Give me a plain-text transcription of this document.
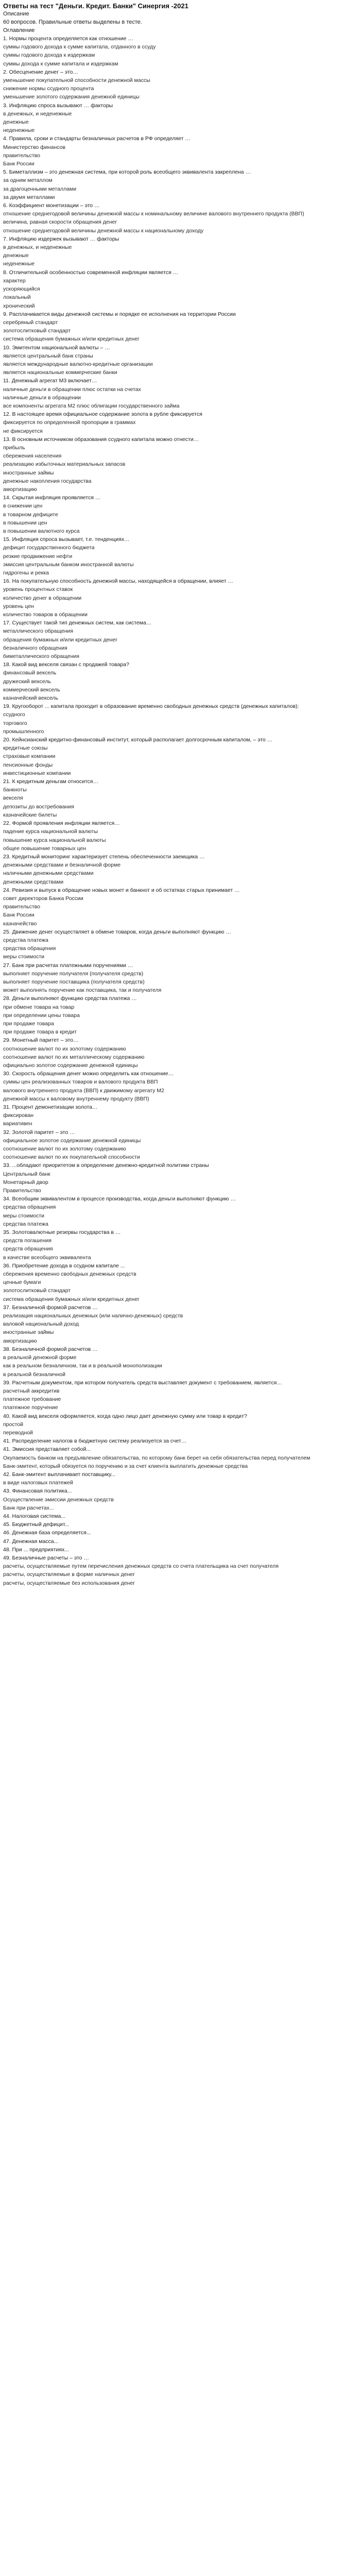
Ответы на тест "Деньги. Кредит. Банки" Синергия -2021
Описание
60 вопросов. Правильные ответы выделены в тесте.
Оглавление
1. Нормы процента определяется как отношение …
суммы годового дохода к сумме капитала, отданного в ссуду
суммы годового дохода к издержкам
суммы дохода к сумме капитала и издержкам
2. Обесценение денег – это…
уменьшение покупательной способности денежной массы
снижение нормы ссудного процента
уменьшение золотого содержания денежной единицы
3. Инфляцию спроса вызывают … факторы
в денежных, и неденежные
денежные
неденежные
4. Правила, сроки и стандарты безналичных расчетов в РФ определяет …
Министерство финансов
правительство
Банк России
5. Биметаллизм – это денежная система, при которой роль всеобщего эквивалента закреплена …
за одним металлом
за драгоценными металлами
за двумя металлами
6. Коэффициент монетизации – это …
отношение среднегодовой величины денежной массы к номинальному величине валового внутреннего продукта (ВВП)
величина, равная скорости обращения денег
отношение среднегодовой величины денежной массы к национальному доходу
7. Инфляцию издержек вызывают … факторы
в денежных, и неденежные
денежные
неденежные
8. Отличительной особенностью современной инфляции является …
характер
ускоряющийся
локальный
хронический
9. Расплачивается виды денежной системы и порядке ее исполнения на территории России
серебряный стандарт
золотослитковый стандарт
система обращения бумажных и/или кредитных денег
10. Эмитентом национальной валюты – …
является центральный банк страны
является международные валютно-кредитные организации
является национальные коммерческие банки
11. Денежный агрегат М3 включает…
наличные деньги в обращении плюс остатки на счетах
наличные деньги в обращении
все компоненты агрегата М2 плюс облигации государственного займа
12. В настоящее время официальное содержание золота в рубле фиксируется
фиксируется по определенной пропорции в граммах
не фиксируется
13. В основным источником образования ссудного капитала можно отнести…
прибыль
сбережения населения
реализацию избыточных материальных запасов
иностранные займы
денежные накопления государства
амортизацию
14. Скрытая инфляция проявляется …
в снижении цен
в товарном дефиците
в повышении цен
в повышении валютного курса
15. Инфляция спроса вызывает, т.е. тенденциях…
дефицит государственного бюджета
резкие продвижение нефти
эмиссия центральным банком иностранной валюты
гидрогены и рекка
16. На покупательную способность денежной массы, находящейся в обращении, влияет …
уровень процентных ставок
количество денег в обращении
уровень цен
количество товаров в обращении
17. Существует такой тип денежных систем, как система…
металлического обращения
обращения бумажных и/или кредитных денег
безналичного обращения
биметаллического обращения
18. Какой вид векселя связан с продажей товара?
финансовый вексель
дружеский вексель
коммерческий вексель
казначейский вексель
19. Кругооборот ... капитала проходит в образование временно свободных денежных средств (денежных капиталов):
ссудного
торгового
промышленного
20. Кейнсианский кредитно-финансовый институт, который располагает долгосрочным капиталом, – это …
кредитные союзы
страховые компании
пенсионные фонды
инвестиционные компании
21. К кредитным деньгам относится…
банкноты
векселя
депозиты до востребования
казначейские билеты
22. Формой проявления инфляции является…
падение курса национальной валюты
повышение курса национальной валюты
общее повышение товарных цен
23. Кредитный мониторинг характеризует степень обеспеченности заемщика …
денежными средствами и безналичной форме
наличными денежными средствами
денежными средствами
24. Ревизия и выпуск в обращение новых монет и банкнот и об остатках старых принимает …
совет директоров Банка России
правительство
Банк России
казначейство
25. Движение денег осуществляет в обмене товаров, когда деньги выполняют функцию …
средства платежа
средства обращения
меры стоимости
27. Банк при расчетах платежными поручениями …
выполняет поручение получателя (получателя средств)
выполняет поручение поставщика (получателя средств)
может выполнять поручение как поставщика, так и получателя
28. Деньги выполняют функцию средства платежа …
при обмене товара на товар
при определении цены товара
при продаже товара
при продаже товара в кредит
29. Монетный паритет – это…
соотношение валют по их золотому содержанию
соотношение валют по их металлическому содержанию
официально золотое содержание денежной единицы
30. Скорость обращения денег можно определить как отношение…
суммы цен реализованных товаров и валового продукта ВВП
валового внутреннего продукта (ВВП) к движимому агрегату М2
денежной массы к валовому внутреннему продукту (ВВП)
31. Процент демонетизации золота…
фиксирован
вариативен
32. Золотой паритет – это …
официальное золотое содержание денежной единицы
соотношение валют по их золотому содержанию
соотношение валют по их покупательной способности
33. ...обладают приоритетом в определение денежно-кредитной политики страны
Центральный банк
Монетарный двор
Правительство
34. Всеобщим эквивалентом в процессе производства, когда деньги выполняют функцию …
средства обращения
меры стоимости
средства платежа
35. Золотовалютные резервы государства в …
средств погашения
средств обращения
в качестве всеобщего эквивалента
36. Приобретение дохода в ссудном капитале ...
сбережения временно свободных денежных средств
ценные бумаги
золотослитковый стандарт
система обращения бумажных и/или кредитных денег
37. Безналичной формой расчетов …
реализация национальных денежных (или налично-денежных) средств
валовой национальный доход
иностранные займы
амортизацию
38. Безналичной формой расчетов …
в реальной денежной форме
как в реальном безналичном, так и в реальной монополизации
в реальной безналичной
39. Расчетным документом, при котором получатель средств выставляет документ с требованием, является…
расчетный аккредитив
платежное требование
платежное поручение
40. Какой вид векселя оформляется, когда одно лицо дает денежную сумму или товар в кредит?
простой
переводной
41. Распределение налогов в бюджетную систему реализуется за счет…
41. Эмиссия представляет собой...
Окупаемость банком на предъявление обязательства, по которому банк берет на себя обязательства перед получателем
Банк-эмитент, который обязуется по поручению и за счет клиента выплатить денежные средства
42. Банк-эмитент выплачивает поставщику...
в виде налоговых платежей
43. Финансовая политика...
Осуществление эмиссии денежных средств
Банк при расчетах...
44. Налоговая система...
45. Бюджетный дефицит...
46. Денежная база определяется...
47. Денежная масса...
48. При ... предприятиях...
49. Безналичные расчеты – это …
расчеты, осуществляемые путем перечисления денежных средств со счета плательщика на счет получателя
расчеты, осуществляемые в форме наличных денег
расчеты, осуществляемые без использования денег
